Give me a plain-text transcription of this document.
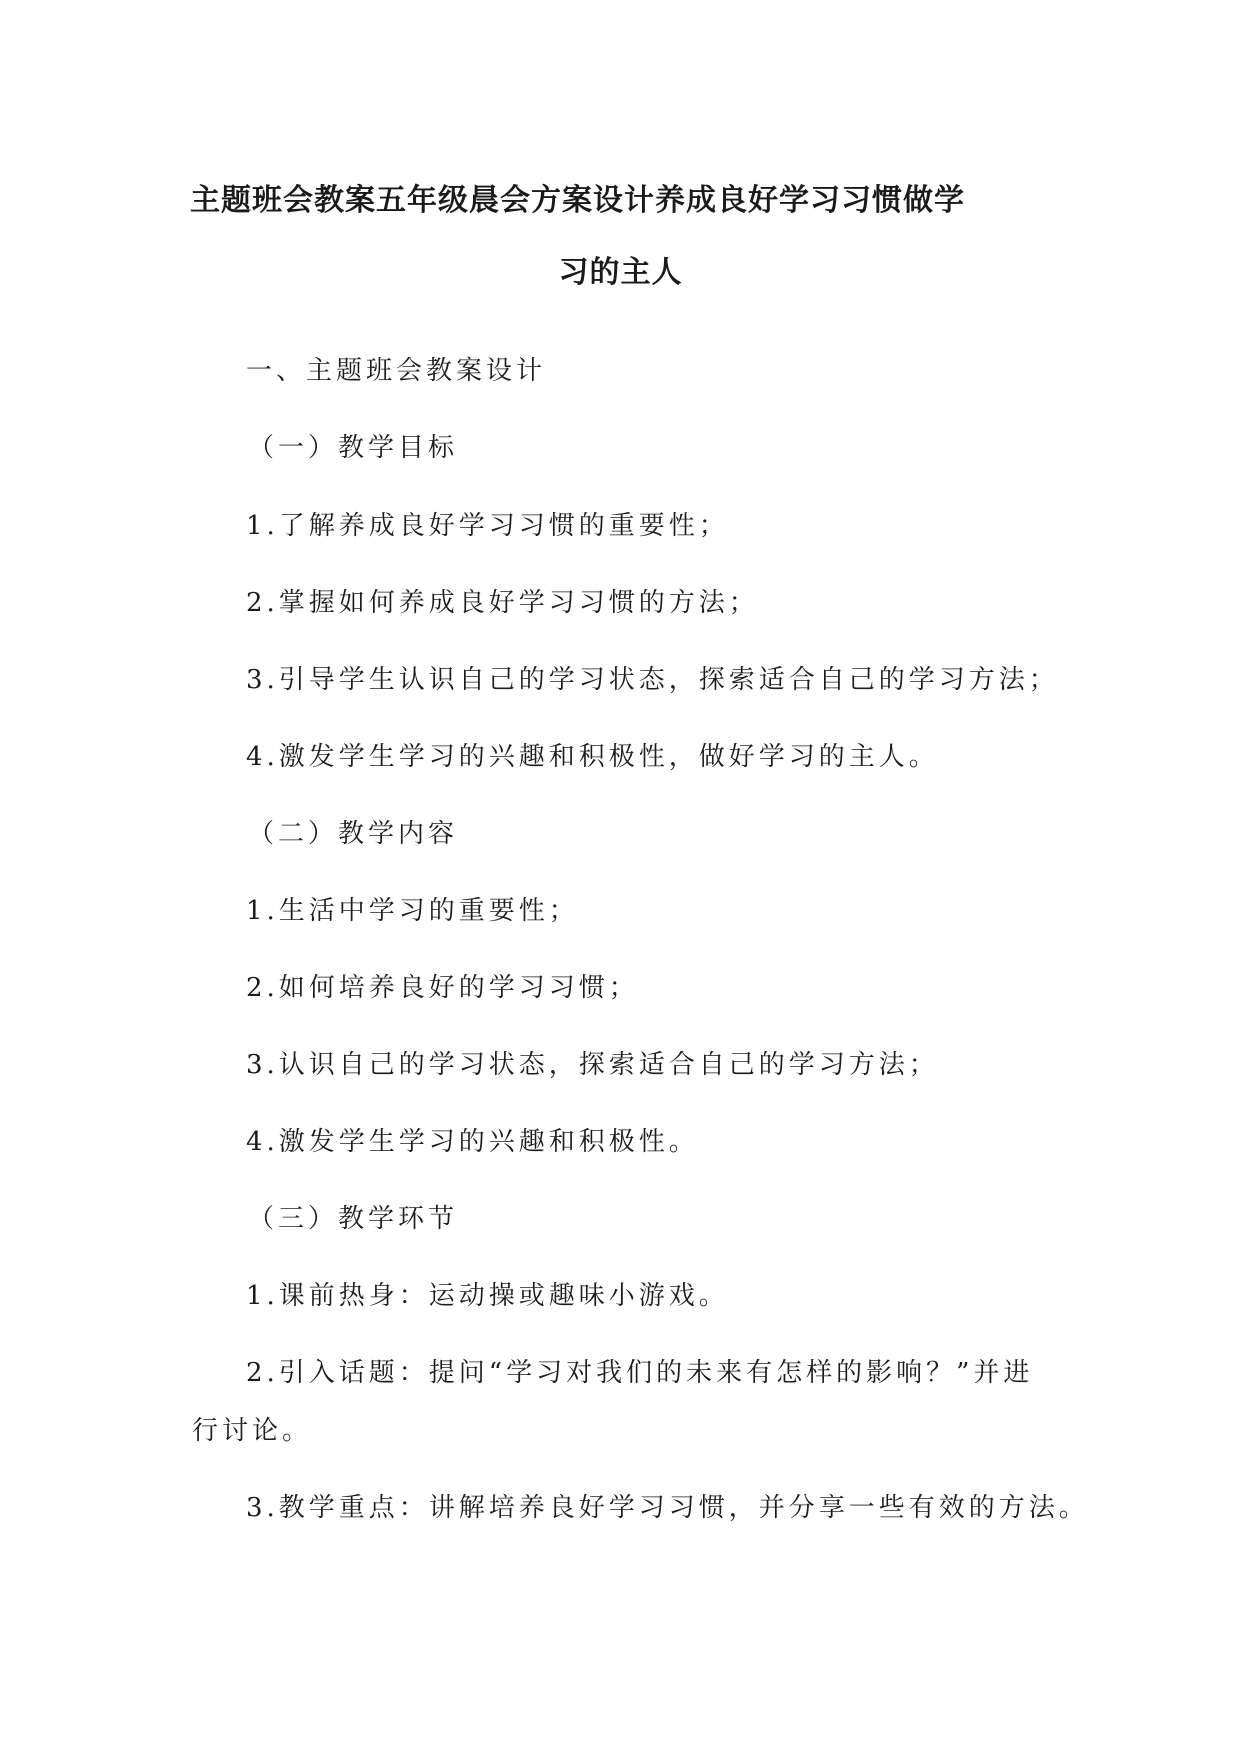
主题班会教案五年级晨会方案设计养成良好学习习惯做学
习的主人
一、主题班会教案设计
（一）教学目标
1.了解养成良好学习习惯的重要性；
2.掌握如何养成良好学习习惯的方法；
3.引导学生认识自己的学习状态，探索适合自己的学习方法；
4.激发学生学习的兴趣和积极性，做好学习的主人。
（二）教学内容
1.生活中学习的重要性；
2.如何培养良好的学习习惯；
3.认识自己的学习状态，探索适合自己的学习方法；
4.激发学生学习的兴趣和积极性。
（三）教学环节
1.课前热身：运动操或趣味小游戏。
2.引入话题：提问“学习对我们的未来有怎样的影响？”并进
行讨论。
3.教学重点：讲解培养良好学习习惯，并分享一些有效的方法。
